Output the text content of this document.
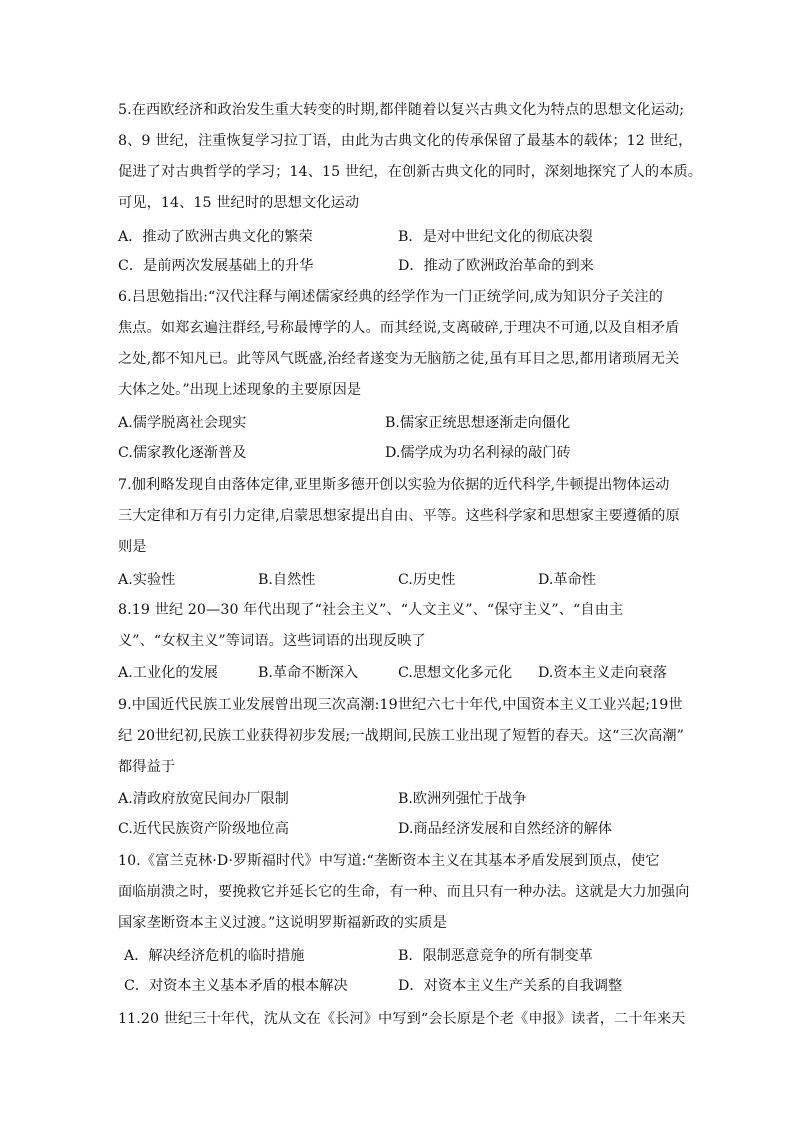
5.在西欧经济和政治发生重大转变的时期,都伴随着以复兴古典文化为特点的思想文化运动;
8、9 世纪，注重恢复学习拉丁语，由此为古典文化的传承保留了最基本的载体；12 世纪，
促进了对古典哲学的学习；14、15 世纪，在创新古典文化的同时，深刻地探究了人的本质。
可见，14、15 世纪时的思想文化运动
A．推动了欧洲古典文化的繁荣	B．是对中世纪文化的彻底决裂
C．是前两次发展基础上的升华	D．推动了欧洲政治革命的到来
6.吕思勉指出:“汉代注释与阐述儒家经典的经学作为一门正统学问,成为知识分子关注的
焦点。如郑玄遍注群经,号称最博学的人。而其经说,支离破碎,于理决不可通,以及自相矛盾
之处,都不知凡已。此等风气既盛,治经者遂变为无脑筋之徒,虽有耳目之思,都用诸琐屑无关
大体之处。”出现上述现象的主要原因是
A.儒学脱离社会现实	B.儒家正统思想逐渐走向僵化
C.儒家教化逐渐普及	D.儒学成为功名利禄的敲门砖
7.伽利略发现自由落体定律,亚里斯多德开创以实验为依据的近代科学,牛顿提出物体运动
三大定律和万有引力定律,启蒙思想家提出自由、平等。这些科学家和思想家主要遵循的原
则是
A.实验性	B.自然性	C.历史性	D.革命性
8.19 世纪 20—30 年代出现了“社会主义”、“人文主义”、“保守主义”、“自由主
义”、“女权主义”等词语。这些词语的出现反映了
A.工业化的发展	B.革命不断深入	C.思想文化多元化 D.资本主义走向衰落
9.中国近代民族工业发展曾出现三次高潮:19世纪六七十年代,中国资本主义工业兴起;19世
纪 20世纪初,民族工业获得初步发展;一战期间,民族工业出现了短暂的春天。这“三次高潮”
都得益于
A.清政府放宽民间办厂限制	B.欧洲列强忙于战争
C.近代民族资产阶级地位高	D.商品经济发展和自然经济的解体
10.《富兰克林·D·罗斯福时代》中写道:“垄断资本主义在其基本矛盾发展到顶点，使它
面临崩溃之时，要挽救它并延长它的生命，有一种、而且只有一种办法。这就是大力加强向
国家垄断资本主义过渡。”这说明罗斯福新政的实质是
A．解决经济危机的临时措施	B．限制恶意竞争的所有制变革
C．对资本主义基本矛盾的根本解决	D．对资本主义生产关系的自我调整
11.20 世纪三十年代，沈从文在《长河》中写到“会长原是个老《申报》读者，二十年来天
